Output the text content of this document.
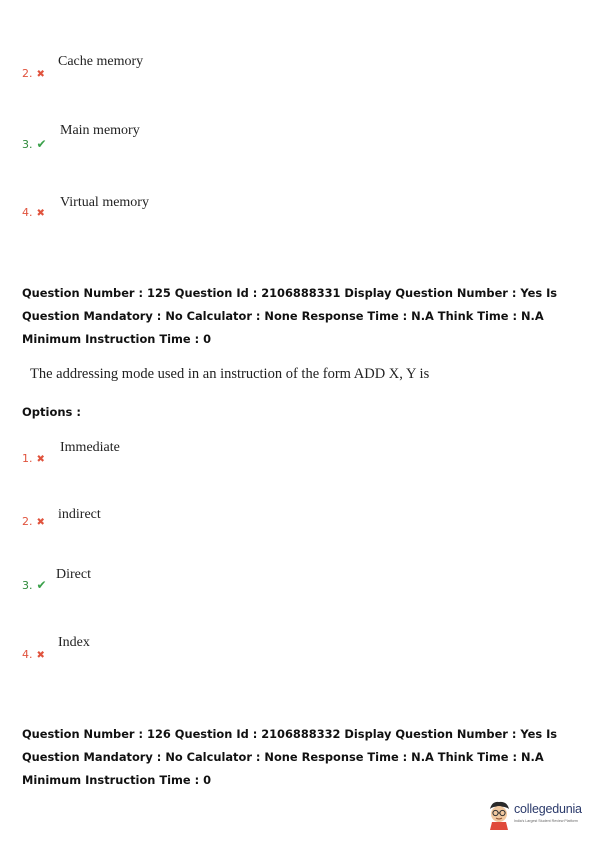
Cache memory
2. ✖
Main memory
3. ✔
Virtual memory
4. ✖
Question Number : 125 Question Id : 2106888331 Display Question Number : Yes Is Question Mandatory : No Calculator : None Response Time : N.A Think Time : N.A Minimum Instruction Time : 0
The addressing mode used in an instruction of the form ADD X, Y is
Options :
Immediate
1. ✖
2. ✖
indirect
Direct
3. ✔
Index
4. ✖
Question Number : 126 Question Id : 2106888332 Display Question Number : Yes Is Question Mandatory : No Calculator : None Response Time : N.A Think Time : N.A Minimum Instruction Time : 0
collegedunia
India's Largest Student Review Platform
